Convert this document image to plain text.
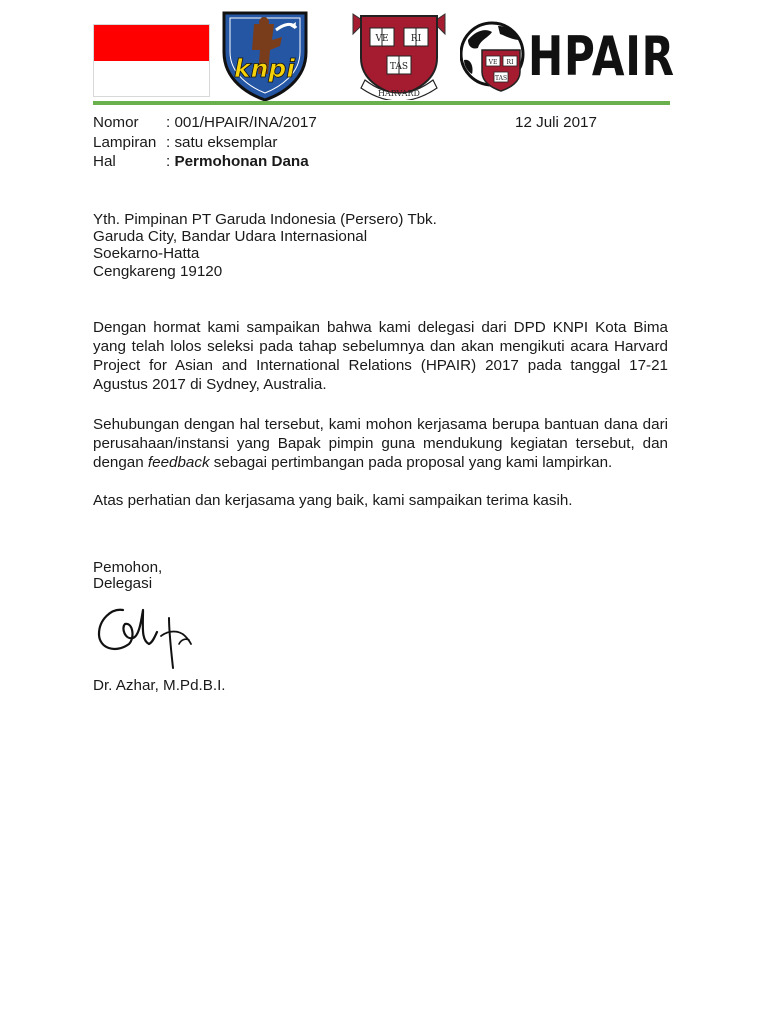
knpi
VE RI
TAS
HARVARD
VE RI
TAS HPAIR
Nomor : 001/HPAIR/INA/2017	12 Juli 2017
Lampiran : satu eksemplar
Hal	: Permohonan Dana
Yth. Pimpinan PT Garuda Indonesia (Persero) Tbk.
Garuda City, Bandar Udara Internasional
Soekarno-Hatta
Cengkareng 19120
Dengan hormat kami sampaikan bahwa kami delegasi dari DPD KNPI Kota Bima yang telah lolos seleksi pada tahap sebelumnya dan akan mengikuti acara Harvard Project for Asian and International Relations (HPAIR) 2017 pada tanggal 17-21 Agustus 2017 di Sydney, Australia.
Sehubungan dengan hal tersebut, kami mohon kerjasama berupa bantuan dana dari perusahaan/instansi yang Bapak pimpin guna mendukung kegiatan tersebut, dan dengan feedback sebagai pertimbangan pada proposal yang kami lampirkan.
Atas perhatian dan kerjasama yang baik, kami sampaikan terima kasih.
Pemohon,
Delegasi
Dr. Azhar, M.Pd.B.I.
